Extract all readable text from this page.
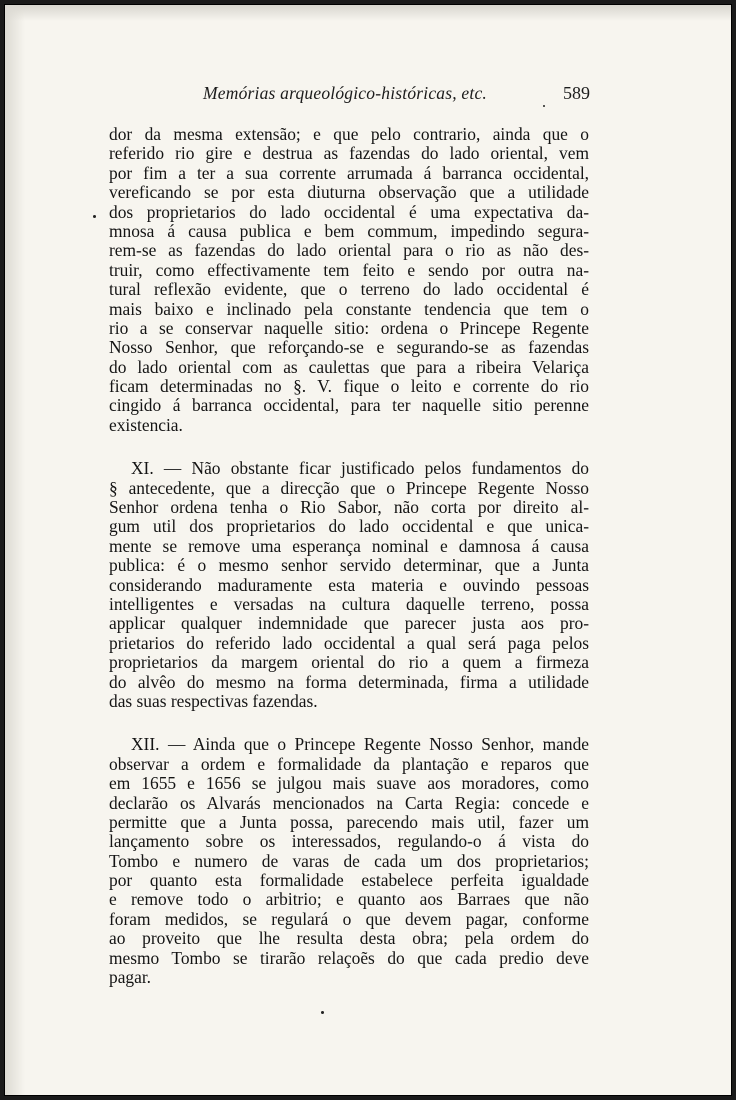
Memórias arqueológico-históricas, etc.	589
dor da mesma extensão; e que pelo contrario, ainda que o
referido rio gire e destrua as fazendas do lado oriental, vem
por fim a ter a sua corrente arrumada á barranca occidental,
vereficando se por esta diuturna observação que a utilidade
dos proprietarios do lado occidental é uma expectativa da-
mnosa á causa publica e bem commum, impedindo segura-
rem-se as fazendas do lado oriental para o rio as não des-
truir, como effectivamente tem feito e sendo por outra na-
tural reflexão evidente, que o terreno do lado occidental é
mais baixo e inclinado pela constante tendencia que tem o
rio a se conservar naquelle sitio: ordena o Princepe Regente
Nosso Senhor, que reforçando-se e segurando-se as fazendas
do lado oriental com as caulettas que para a ribeira Velariça
ficam determinadas no §. V. fique o leito e corrente do rio
cingido á barranca occidental, para ter naquelle sitio perenne
existencia.
XI. — Não obstante ficar justificado pelos fundamentos do
§ antecedente, que a direcção que o Princepe Regente Nosso
Senhor ordena tenha o Rio Sabor, não corta por direito al-
gum util dos proprietarios do lado occidental e que unica-
mente se remove uma esperança nominal e damnosa á causa
publica: é o mesmo senhor servido determinar, que a Junta
considerando maduramente esta materia e ouvindo pessoas
intelligentes e versadas na cultura daquelle terreno, possa
applicar qualquer indemnidade que parecer justa aos pro-
prietarios do referido lado occidental a qual será paga pelos
proprietarios da margem oriental do rio a quem a firmeza
do alvêo do mesmo na forma determinada, firma a utilidade
das suas respectivas fazendas.
XII. — Ainda que o Princepe Regente Nosso Senhor, mande
observar a ordem e formalidade da plantação e reparos que
em 1655 e 1656 se julgou mais suave aos moradores, como
declarão os Alvarás mencionados na Carta Regia: concede e
permitte que a Junta possa, parecendo mais util, fazer um
lançamento sobre os interessados, regulando-o á vista do
Tombo e numero de varas de cada um dos proprietarios;
por quanto esta formalidade estabelece perfeita igualdade
e remove todo o arbitrio; e quanto aos Barraes que não
foram medidos, se regulará o que devem pagar, conforme
ao proveito que lhe resulta desta obra; pela ordem do
mesmo Tombo se tirarão relaçoẽs do que cada predio deve
pagar.
